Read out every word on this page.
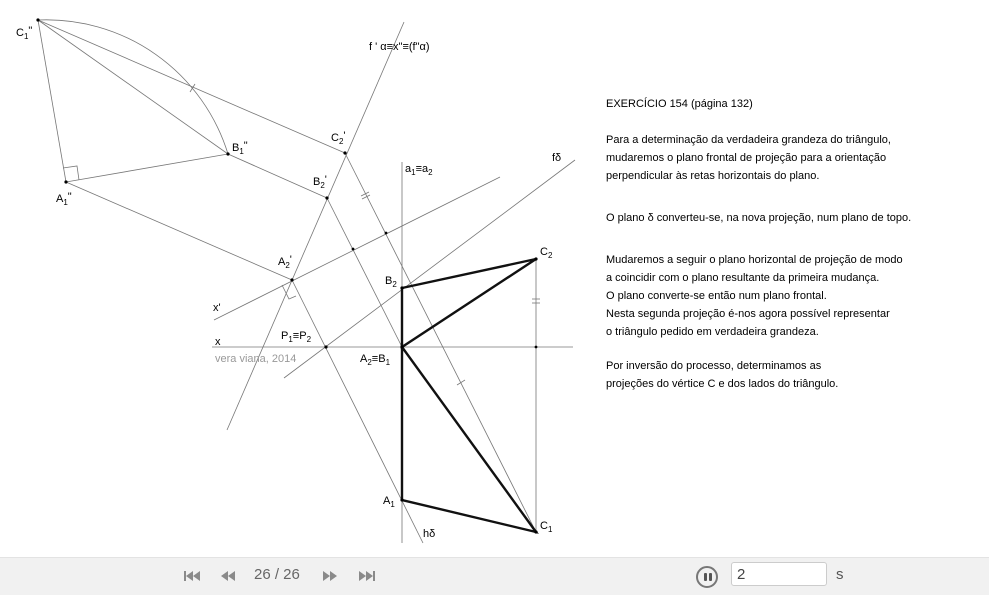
$C_1$"
$A_1$"
$B_1$"
f ' α≡x"≡(f"α)
$C_2'$
$B_2'$
$A_2'$
$a_1\equiv a_2$
fδ
x'
x	$P_1\equiv P_2$
vera viana, 2014
$B_2$
$C_2$
$A_2\equiv B_1$
$A_1$
$C_1$
hδ

EXERCÍCIO 154 (página 132)

Para a determinação da verdadeira grandeza do triângulo,

mudaremos o plano frontal de projeção para a orientação

perpendicular às retas horizontais do plano.

O plano δ converteu-se, na nova projeção, num plano de topo.

Mudaremos a seguir o plano horizontal de projeção de modo

a coincidir com o plano resultante da primeira mudança.

O plano converte-se então num plano frontal.

Nesta segunda projeção é-nos agora possível representar

o triângulo pedido em verdadeira grandeza.

Por inversão do processo, determinamos as

projeções do vértice C e dos lados do triângulo.

26 / 26
2	s
